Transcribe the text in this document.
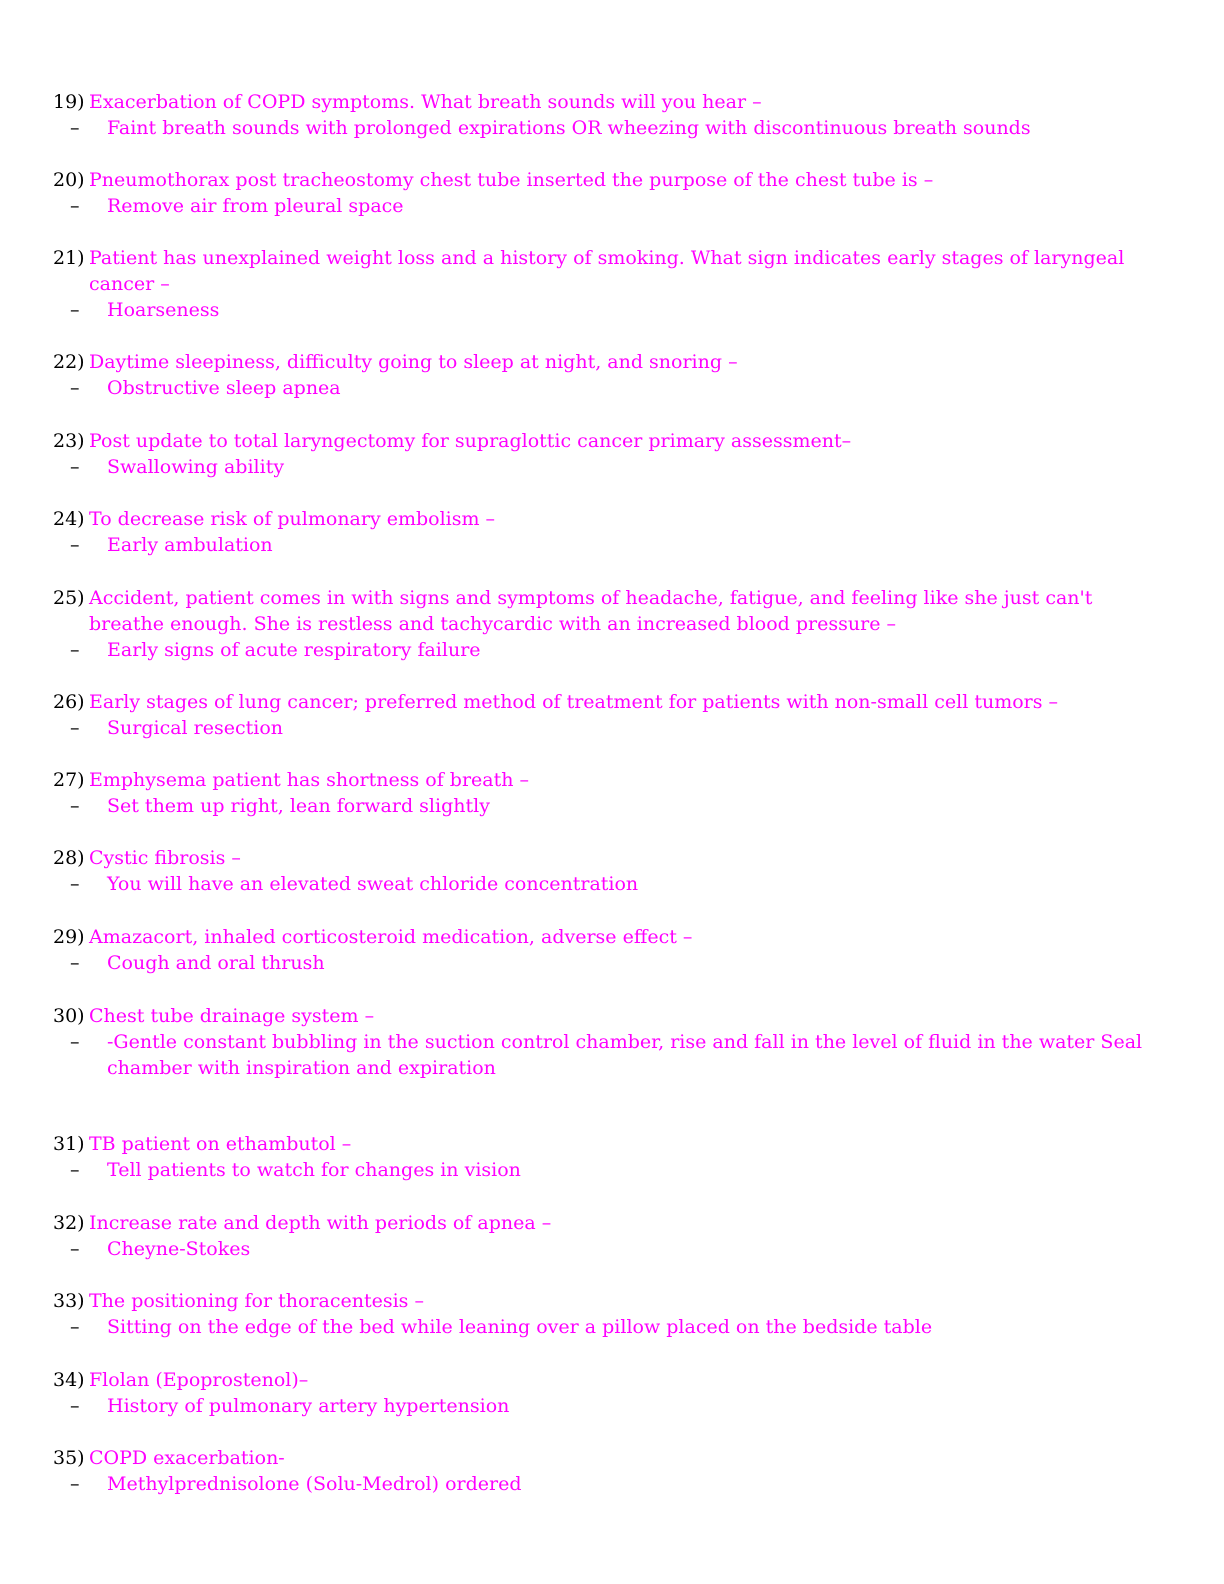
19) Exacerbation of COPD symptoms. What breath sounds will you hear –
– Faint breath sounds with prolonged expirations OR wheezing with discontinuous breath sounds
20) Pneumothorax post tracheostomy chest tube inserted the purpose of the chest tube is –
– Remove air from pleural space
21) Patient has unexplained weight loss and a history of smoking. What sign indicates early stages of laryngeal cancer –
– Hoarseness
22) Daytime sleepiness, difficulty going to sleep at night, and snoring –
– Obstructive sleep apnea
23) Post update to total laryngectomy for supraglottic cancer primary assessment–
– Swallowing ability
24) To decrease risk of pulmonary embolism –
– Early ambulation
25) Accident, patient comes in with signs and symptoms of headache, fatigue, and feeling like she just can't breathe enough. She is restless and tachycardic with an increased blood pressure –
– Early signs of acute respiratory failure
26) Early stages of lung cancer; preferred method of treatment for patients with non-small cell tumors –
– Surgical resection
27) Emphysema patient has shortness of breath –
– Set them up right, lean forward slightly
28) Cystic fibrosis –
– You will have an elevated sweat chloride concentration
29) Amazacort, inhaled corticosteroid medication, adverse effect –
– Cough and oral thrush
30) Chest tube drainage system –
– -Gentle constant bubbling in the suction control chamber, rise and fall in the level of fluid in the water Seal chamber with inspiration and expiration
31) TB patient on ethambutol –
– Tell patients to watch for changes in vision
32) Increase rate and depth with periods of apnea –
– Cheyne-Stokes
33) The positioning for thoracentesis –
– Sitting on the edge of the bed while leaning over a pillow placed on the bedside table
34) Flolan (Epoprostenol)–
– History of pulmonary artery hypertension
35) COPD exacerbation-
– Methylprednisolone (Solu-Medrol) ordered
